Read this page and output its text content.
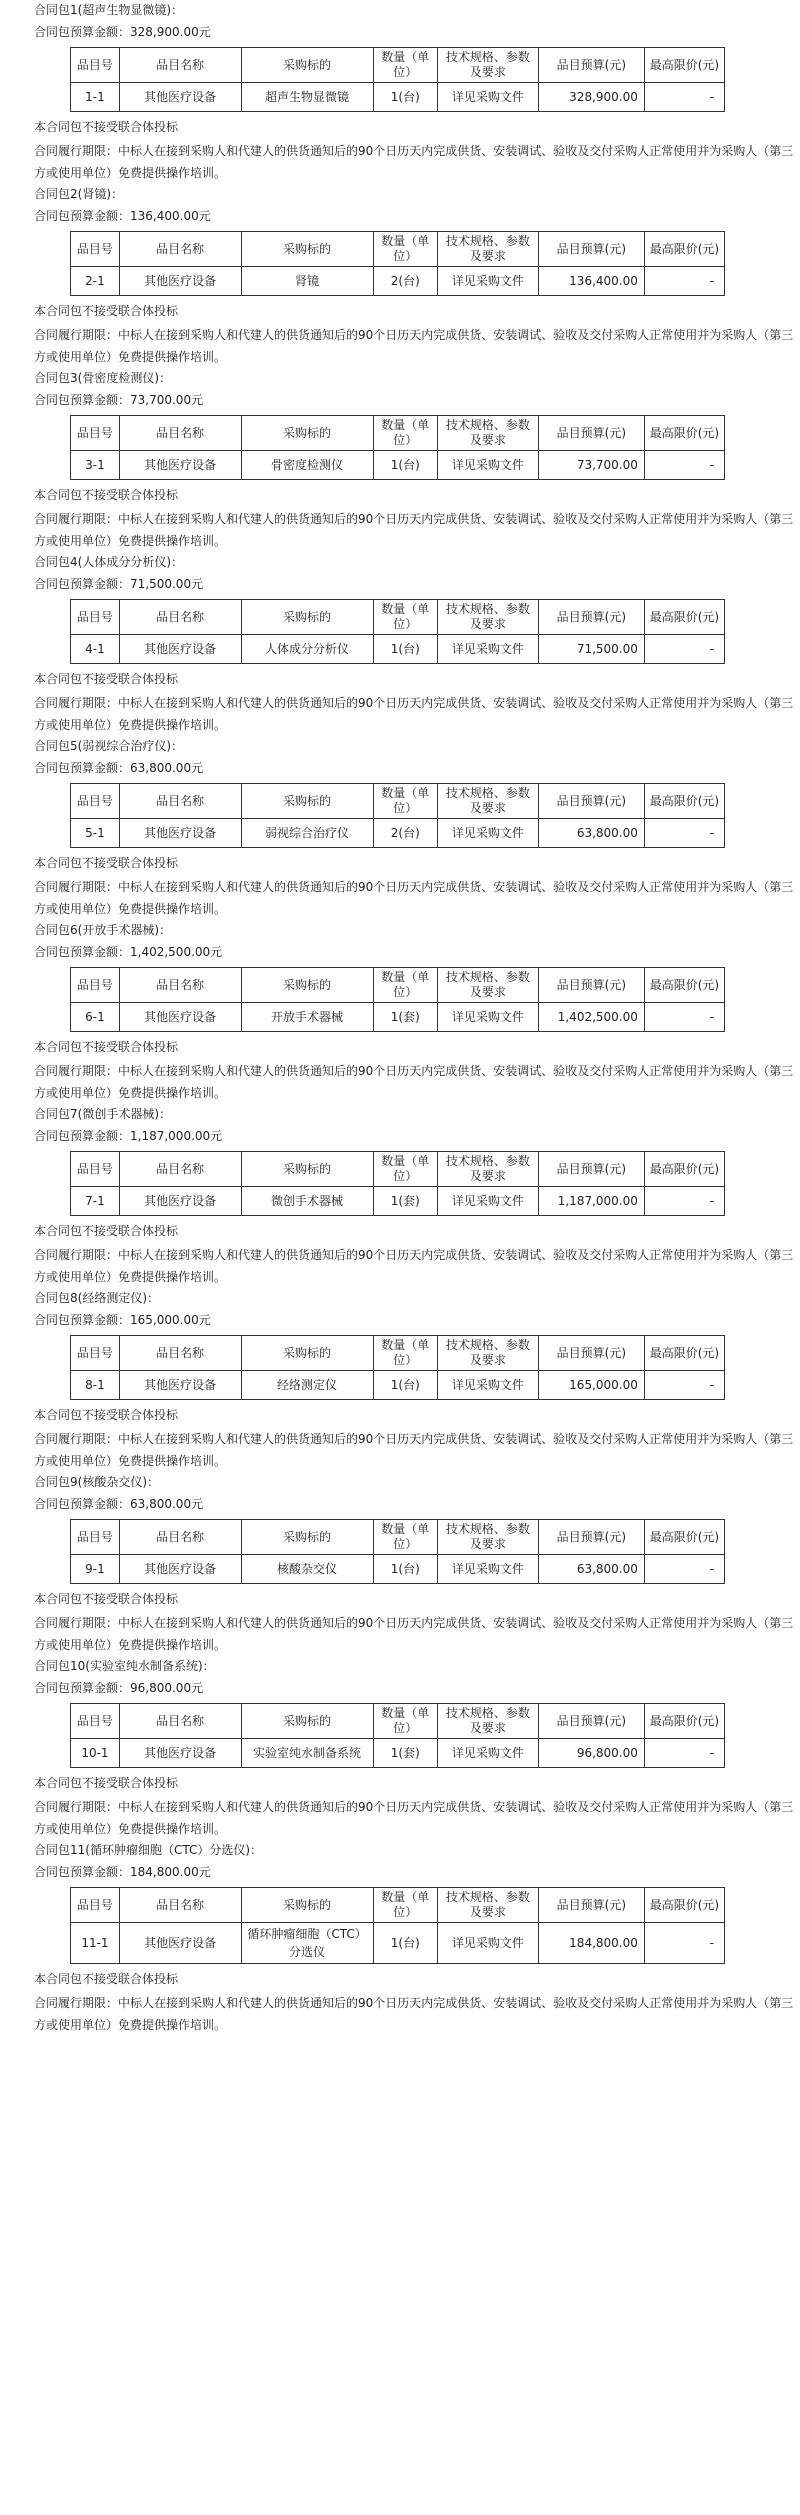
合同包1(超声生物显微镜)：
合同包预算金额：328,900.00元
品目号	品目名称	采购标的	数量（单位）	技术规格、参数及要求	品目预算(元)	最高限价(元)
1-1	其他医疗设备	超声生物显微镜	1(台)	详见采购文件	328,900.00	-
本合同包不接受联合体投标
合同履行期限：中标人在接到采购人和代建人的供货通知后的90个日历天内完成供货、安装调试、验收及交付采购人正常使用并为采购人（第三方或使用单位）免费提供操作培训。
合同包2(肾镜)：
合同包预算金额：136,400.00元
品目号	品目名称	采购标的	数量（单位）	技术规格、参数及要求	品目预算(元)	最高限价(元)
2-1	其他医疗设备	肾镜	2(台)	详见采购文件	136,400.00	-
本合同包不接受联合体投标
合同履行期限：中标人在接到采购人和代建人的供货通知后的90个日历天内完成供货、安装调试、验收及交付采购人正常使用并为采购人（第三方或使用单位）免费提供操作培训。
合同包3(骨密度检测仪)：
合同包预算金额：73,700.00元
品目号	品目名称	采购标的	数量（单位）	技术规格、参数及要求	品目预算(元)	最高限价(元)
3-1	其他医疗设备	骨密度检测仪	1(台)	详见采购文件	73,700.00	-
本合同包不接受联合体投标
合同履行期限：中标人在接到采购人和代建人的供货通知后的90个日历天内完成供货、安装调试、验收及交付采购人正常使用并为采购人（第三方或使用单位）免费提供操作培训。
合同包4(人体成分分析仪)：
合同包预算金额：71,500.00元
品目号	品目名称	采购标的	数量（单位）	技术规格、参数及要求	品目预算(元)	最高限价(元)
4-1	其他医疗设备	人体成分分析仪	1(台)	详见采购文件	71,500.00	-
本合同包不接受联合体投标
合同履行期限：中标人在接到采购人和代建人的供货通知后的90个日历天内完成供货、安装调试、验收及交付采购人正常使用并为采购人（第三方或使用单位）免费提供操作培训。
合同包5(弱视综合治疗仪)：
合同包预算金额：63,800.00元
品目号	品目名称	采购标的	数量（单位）	技术规格、参数及要求	品目预算(元)	最高限价(元)
5-1	其他医疗设备	弱视综合治疗仪	2(台)	详见采购文件	63,800.00	-
本合同包不接受联合体投标
合同履行期限：中标人在接到采购人和代建人的供货通知后的90个日历天内完成供货、安装调试、验收及交付采购人正常使用并为采购人（第三方或使用单位）免费提供操作培训。
合同包6(开放手术器械)：
合同包预算金额：1,402,500.00元
品目号	品目名称	采购标的	数量（单位）	技术规格、参数及要求	品目预算(元)	最高限价(元)
6-1	其他医疗设备	开放手术器械	1(套)	详见采购文件	1,402,500.00	-
本合同包不接受联合体投标
合同履行期限：中标人在接到采购人和代建人的供货通知后的90个日历天内完成供货、安装调试、验收及交付采购人正常使用并为采购人（第三方或使用单位）免费提供操作培训。
合同包7(微创手术器械)：
合同包预算金额：1,187,000.00元
品目号	品目名称	采购标的	数量（单位）	技术规格、参数及要求	品目预算(元)	最高限价(元)
7-1	其他医疗设备	微创手术器械	1(套)	详见采购文件	1,187,000.00	-
本合同包不接受联合体投标
合同履行期限：中标人在接到采购人和代建人的供货通知后的90个日历天内完成供货、安装调试、验收及交付采购人正常使用并为采购人（第三方或使用单位）免费提供操作培训。
合同包8(经络测定仪)：
合同包预算金额：165,000.00元
品目号	品目名称	采购标的	数量（单位）	技术规格、参数及要求	品目预算(元)	最高限价(元)
8-1	其他医疗设备	经络测定仪	1(台)	详见采购文件	165,000.00	-
本合同包不接受联合体投标
合同履行期限：中标人在接到采购人和代建人的供货通知后的90个日历天内完成供货、安装调试、验收及交付采购人正常使用并为采购人（第三方或使用单位）免费提供操作培训。
合同包9(核酸杂交仪)：
合同包预算金额：63,800.00元
品目号	品目名称	采购标的	数量（单位）	技术规格、参数及要求	品目预算(元)	最高限价(元)
9-1	其他医疗设备	核酸杂交仪	1(台)	详见采购文件	63,800.00	-
本合同包不接受联合体投标
合同履行期限：中标人在接到采购人和代建人的供货通知后的90个日历天内完成供货、安装调试、验收及交付采购人正常使用并为采购人（第三方或使用单位）免费提供操作培训。
合同包10(实验室纯水制备系统)：
合同包预算金额：96,800.00元
品目号	品目名称	采购标的	数量（单位）	技术规格、参数及要求	品目预算(元)	最高限价(元)
10-1	其他医疗设备	实验室纯水制备系统	1(套)	详见采购文件	96,800.00	-
本合同包不接受联合体投标
合同履行期限：中标人在接到采购人和代建人的供货通知后的90个日历天内完成供货、安装调试、验收及交付采购人正常使用并为采购人（第三方或使用单位）免费提供操作培训。
合同包11(循环肿瘤细胞（CTC）分选仪)：
合同包预算金额：184,800.00元
品目号	品目名称	采购标的	数量（单位）	技术规格、参数及要求	品目预算(元)	最高限价(元)
11-1	其他医疗设备	循环肿瘤细胞（CTC）分选仪	1(台)	详见采购文件	184,800.00	-
本合同包不接受联合体投标
合同履行期限：中标人在接到采购人和代建人的供货通知后的90个日历天内完成供货、安装调试、验收及交付采购人正常使用并为采购人（第三方或使用单位）免费提供操作培训。
